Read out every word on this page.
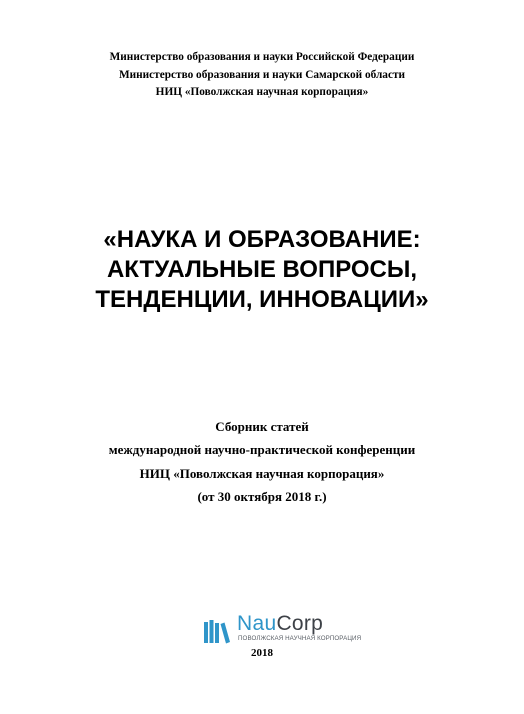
Министерство образования и науки Российской Федерации
Министерство образования и науки Самарской области
НИЦ «Поволжская научная корпорация»
«НАУКА И ОБРАЗОВАНИЕ:
АКТУАЛЬНЫЕ ВОПРОСЫ,
ТЕНДЕНЦИИ, ИННОВАЦИИ»
Сборник статей
международной научно-практической конференции
НИЦ «Поволжская научная корпорация»
(от 30 октября 2018 г.)
NauCorp
ПОВОЛЖСКАЯ НАУЧНАЯ КОРПОРАЦИЯ
2018
